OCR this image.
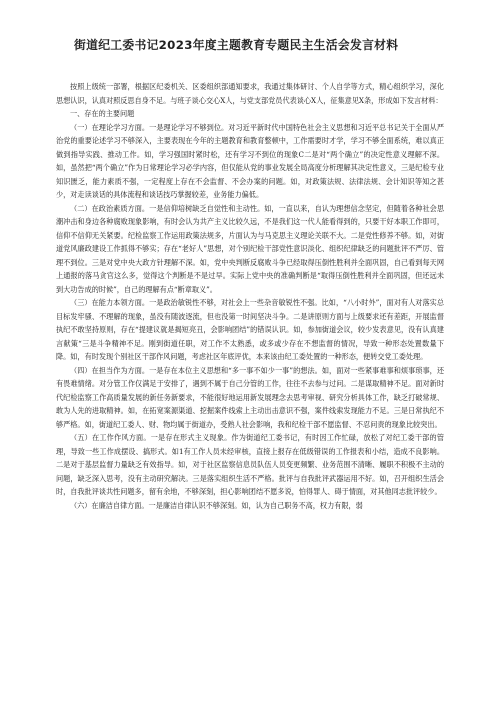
街道纪工委书记2023年度主题教育专题民主生活会发言材料

按照上级统一部署，根据区纪委机关、区委组织部通知要求，我通过集体研讨、个人自学等方式，精心组织学习，深化思想认识，认真对照反思自身不足。与班子谈心交心X人，与党支部党员代表谈心X人，征集意见X条，形成如下发言材料：

一、存在的主要问题

（一）在理论学习方面。一是理论学习不够到位。对习近平新时代中国特色社会主义思想和习近平总书记关于全面从严治党的重要论述学习不够深入，主要表现在今年的主题教育和教育整顿中，工作需要时才学，学习不够全面系统，难以真正做到指导实践、推动工作。如，学习强国时紧时松，还有学习不到位的现象C二是对“两个确立”的决定性意义理解不深。如，虽然把“两个确立”作为日常理论学习必学内容，但仅能从党的事业发展全局高度分析理解其决定性意义，三是纪检专业知识匮乏，能力素质不强，一定程度上存在不会监督、不会办案的问题。如，对政策法规、法律法规、会计知识等知之甚少，对走读谈话的具体流程和谈话技巧掌握较差，业务能力偏低。

（二）在政治素质方面。一是信仰培树缺乏自觉性和主动性。如，一直以来，自认为理想信念坚定，但随着各种社会思潮冲击和身边各种腐败现象影响，有时会认为共产主义比较久远，不是我们这一代人能看得到的，只要干好本职工作即可，信仰不信仰无关紧要。纪检监察工作运用政策法规多，片面认为与马克思主义理论关联不大。二是党性修养不够。如，对街道党风廉政建设工作抓得不够实；存在“老好人”思想，对个别纪检干部党性意识淡化、组织纪律缺乏的问题批评不严厉、管理不到位。三是对党中央大政方针理解不深。如，党中央判断反腐败斗争已经取得压倒性胜利并全面巩固，自己看到每天网上通报的落马贪官这么多，觉得这个判断是不是过早。实际上党中央的准确判断是“取得压倒性胜利并全面巩固，但还远未到大功告成的时候”，自己的理解有点“断章取义”。

（三）在能力本领方面。一是政治敏锐性不够，对社会上一些杂音敏锐性不强。比如，“八小时外”，面对有人对落实总目标发牢骚、不理解的现象，虽没有随波逐流，但也没第一时间坚决斗争。二是讲原则方面与上级要求还有差距，开展监督执纪不敢坚持原则，存在“提建议就是揭短亮丑，会影响团结”的错误认识。如，参加街道会议，较少发表意见，没有认真建言献策“三是斗争精神不足。刚到街道任职，对工作不太熟悉，或多或少存在不想监督的情况，导致一种形态处置数量下降。如，有时发现个别社区干部作风问题，考虑社区年底评优，本来该由纪工委处置的一种形态，便转交党工委处理。

（四）在担当作为方面。一是存在本位主义思想和“多一事不如少一事”的想法。如，面对一些紧事难事和烦事琐事，还有畏难情绪。对分管工作仅满足于安排了，遇到不属于自己分管的工作，往往不去参与过问。二是谋取精神不足。面对新时代纪检监察工作高质量发展的新任务新要求，不能很好地运用新发展理念去思考审视、研究分析具体工作，缺乏打破常规、敢为人先的进取精神。如，在拓宽案源渠道、挖掘案件线索上主动出击意识不强，案件线索发现能力不足。三是日常执纪不够严格。如，街道纪工委人、财、物均属于街道办，受熟人社会影响，我和纪检干部不愿监督、不忍问责的现象比较突出。

（五）在工作作风方面。一是存在形式主义现象。作为街道纪工委书记，有时因工作忙碌，放松了对纪工委干部的管理，导致一些工作成摆设、搞形式。如1有工作人员未经审核，直接上报存在低级错误的工作报表和小结，造成不良影响。二是对于基层监督力量缺乏有效指导。如，对于社区监察信息员队伍人员变更频繁、业务范围不清晰、履职不积极不主动的问题，缺乏深入思考，没有主动研究解决。三是落实组织生活不严格。批评与自我批评武器运用不好。如，召开组织生活会时，自我批评谈共性问题多，留有余地，不够深刻，担心影响团结不愿多说，怕得罪人、碍于情面，对其他同志批评较少。

（六）在廉洁自律方面。一是廉洁自律认识不够深刻。如，认为自己职务不高，权力有限，弱
